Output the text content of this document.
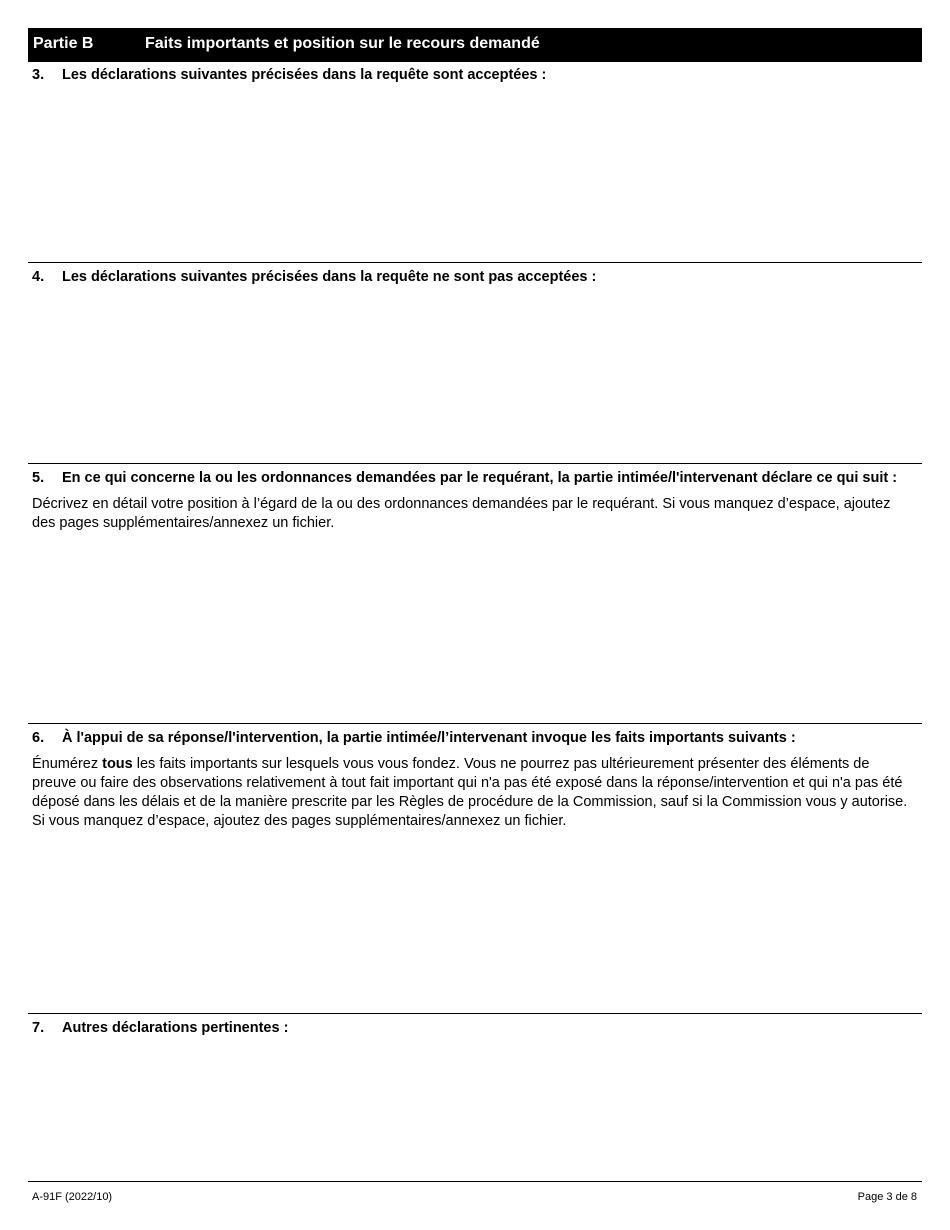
Partie B	Faits importants et position sur le recours demandé
3. Les déclarations suivantes précisées dans la requête sont acceptées :
4. Les déclarations suivantes précisées dans la requête ne sont pas acceptées :
5. En ce qui concerne la ou les ordonnances demandées par le requérant, la partie intimée/l'intervenant déclare ce qui suit :
Décrivez en détail votre position à l’égard de la ou des ordonnances demandées par le requérant. Si vous manquez d’espace, ajoutez des pages supplémentaires/annexez un fichier.
6. À l'appui de sa réponse/l'intervention, la partie intimée/l’intervenant invoque les faits importants suivants :
Énumérez tous les faits importants sur lesquels vous vous fondez. Vous ne pourrez pas ultérieurement présenter des éléments de preuve ou faire des observations relativement à tout fait important qui n'a pas été exposé dans la réponse/intervention et qui n'a pas été déposé dans les délais et de la manière prescrite par les Règles de procédure de la Commission, sauf si la Commission vous y autorise. Si vous manquez d’espace, ajoutez des pages supplémentaires/annexez un fichier.
7. Autres déclarations pertinentes :
A-91F (2022/10)	Page 3 de 8
